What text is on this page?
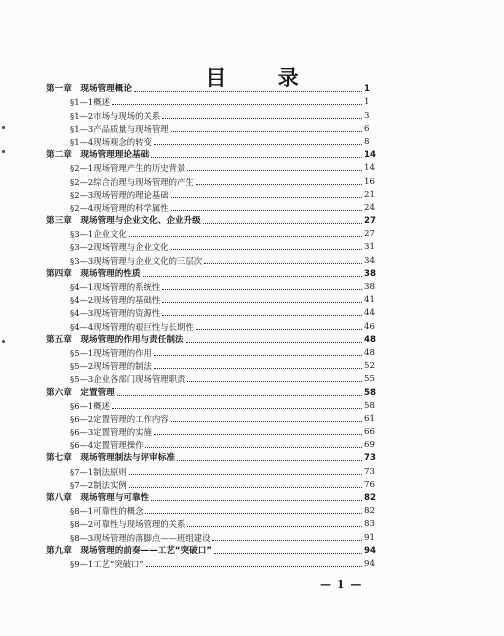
目 录
第一章　现场管理概论	1
§1—1概述	1
§1—2市场与现场的关系	3
§1—3产品质量与现场管理	6
§1—4现场观念的转变	8
第二章　现场管理理论基础	14
§2—1现场管理产生的历史背景	14
§2—2综合治理与现场管理的产生	16
§2—3现场管理的理论基础	21
§2—4现场管理的科学属性	24
第三章　现场管理与企业文化、企业升级	27
§3—1企业文化	27
§3—2现场管理与企业文化	31
§3—3现场管理与企业文化的三层次	34
第四章　现场管理的性质	38
§4—1现场管理的系统性	38
§4—2现场管理的基础性	41
§4—3现场管理的资源性	44
§4—4现场管理的艰巨性与长期性	46
第五章　现场管理的作用与责任制法	48
§5—1现场管理的作用	48
§5—2现场管理的制法	52
§5—3企业各部门现场管理职责	55
第六章　定置管理	58
§6—1概述	58
§6—2定置管理的工作内容	61
§6—3定置管理的实施	66
§6—4定置管理操作	69
第七章　现场管理制法与评审标准	73
§7—1制法原则	73
§7—2制法实例	76
第八章　现场管理与可靠性	82
§8—1可靠性的概念	82
§8—2可靠性与现场管理的关系	83
§8—3现场管理的落脚点——班组建设	91
第九章　现场管理的前奏——工艺“突破口”	94
§9—1工艺“突破口”	94
— 1 —
